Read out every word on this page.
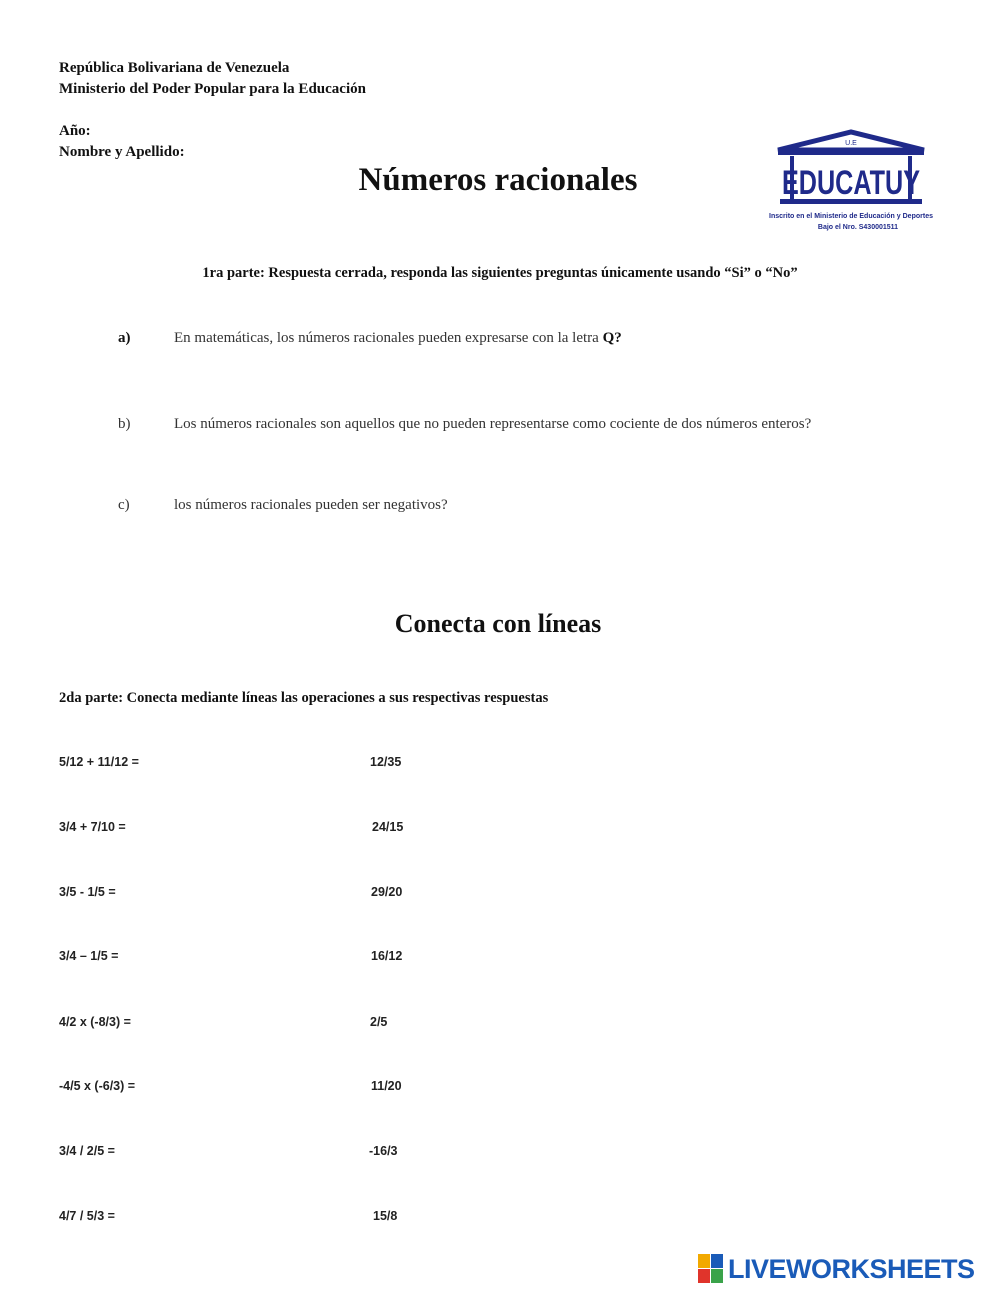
República Bolivariana de Venezuela
Ministerio del Poder Popular para la Educación
Año:
Nombre y Apellido:
Números racionales
U.E
EDUCATUY
Inscrito en el Ministerio de Educación y Deportes
Bajo el Nro. S430001511
1ra parte: Respuesta cerrada, responda las siguientes preguntas únicamente usando “Si” o “No”
a)	En matemáticas, los números racionales pueden expresarse con la letra Q?
b)	Los números racionales son aquellos que no pueden representarse como cociente de dos números enteros?
c)	los números racionales pueden ser negativos?
Conecta con líneas
2da parte: Conecta mediante líneas las operaciones a sus respectivas respuestas
5/12 + 11/12 =	12/35
3/4 + 7/10 =	24/15
3/5 - 1/5 =	29/20
3/4 – 1/5 =	16/12
4/2 x (-8/3) =	2/5
-4/5 x (-6/3) =	11/20
3/4 / 2/5 =	-16/3
4/7 / 5/3 =	15/8
LIVEWORKSHEETS
